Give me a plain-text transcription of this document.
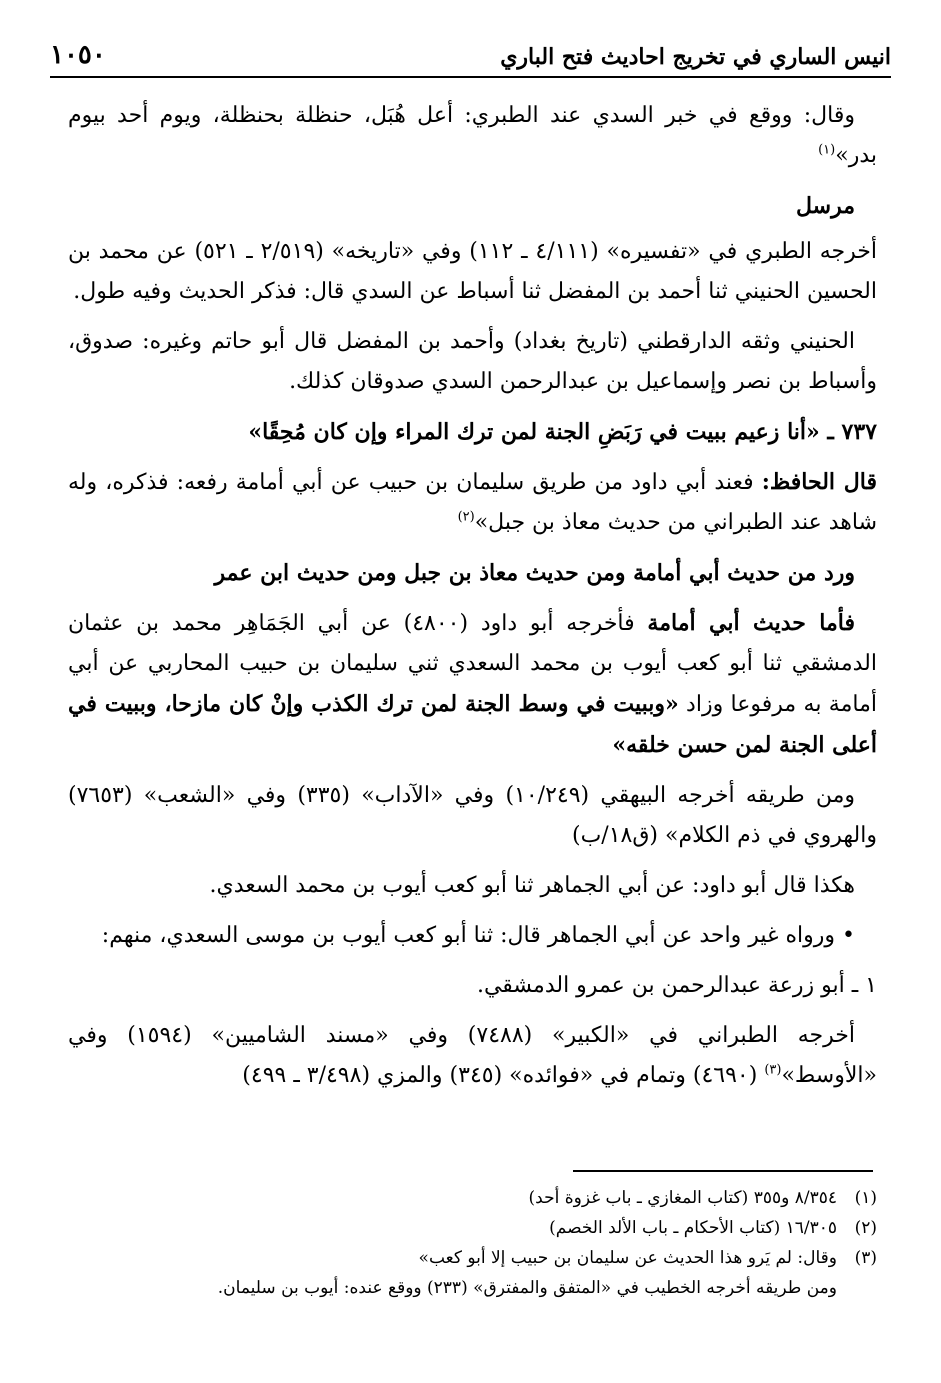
انيس الساري في تخريج احاديث فتح الباري
١٠٥٠

وقال: ووقع في خبر السدي عند الطبري: أعل هُبَل، حنظلة بحنظلة، ويوم أحد بيوم بدر»$^{(١)}$

مرسل

أخرجه الطبري في «تفسيره» (٤/١١١ ـ ١١٢) وفي «تاريخه» (٢/٥١٩ ـ ٥٢١) عن محمد بن الحسين الحنيني ثنا أحمد بن المفضل ثنا أسباط عن السدي قال: فذكر الحديث وفيه طول.

الحنيني وثقه الدارقطني (تاريخ بغداد) وأحمد بن المفضل قال أبو حاتم وغيره: صدوق، وأسباط بن نصر وإسماعيل بن عبدالرحمن السدي صدوقان كذلك.

٧٣٧ ـ «أنا زعيم ببيت في رَبَضِ الجنة لمن ترك المراء وإن كان مُحِقًا»

قال الحافظ: فعند أبي داود من طريق سليمان بن حبيب عن أبي أمامة رفعه: فذكره، وله شاهد عند الطبراني من حديث معاذ بن جبل»$^{(٢)}$

ورد من حديث أبي أمامة ومن حديث معاذ بن جبل ومن حديث ابن عمر

فأما حديث أبي أمامة فأخرجه أبو داود (٤٨٠٠) عن أبي الجَمَاهِر محمد بن عثمان الدمشقي ثنا أبو كعب أيوب بن محمد السعدي ثني سليمان بن حبيب المحاربي عن أبي أمامة به مرفوعا وزاد «وببيت في وسط الجنة لمن ترك الكذب وإنْ كان مازحا، وببيت في أعلى الجنة لمن حسن خلقه»

ومن طريقه أخرجه البيهقي (١٠/٢٤٩) وفي «الآداب» (٣٣٥) وفي «الشعب» (٧٦٥٣) والهروي في ذم الكلام» (ق١٨/ب)

هكذا قال أبو داود: عن أبي الجماهر ثنا أبو كعب أيوب بن محمد السعدي.

• ورواه غير واحد عن أبي الجماهر قال: ثنا أبو كعب أيوب بن موسى السعدي، منهم:

١ ـ أبو زرعة عبدالرحمن بن عمرو الدمشقي.

أخرجه الطبراني في «الكبير» (٧٤٨٨) وفي «مسند الشاميين» (١٥٩٤) وفي «الأوسط»$^{(٣)}$ (٤٦٩٠) وتمام في «فوائده» (٣٤٥) والمزي (٣/٤٩٨ ـ ٤٩٩)

(١)
٨/٣٥٤ و٣٥٥ (كتاب المغازي ـ باب غزوة أحد)
(٢)
١٦/٣٠٥ (كتاب الأحكام ـ باب الألد الخصم)
(٣)
وقال: لم يَرو هذا الحديث عن سليمان بن حبيب إلا أبو كعب»

ومن طريقه أخرجه الخطيب في «المتفق والمفترق» (٢٣٣) ووقع عنده: أيوب بن سليمان.
